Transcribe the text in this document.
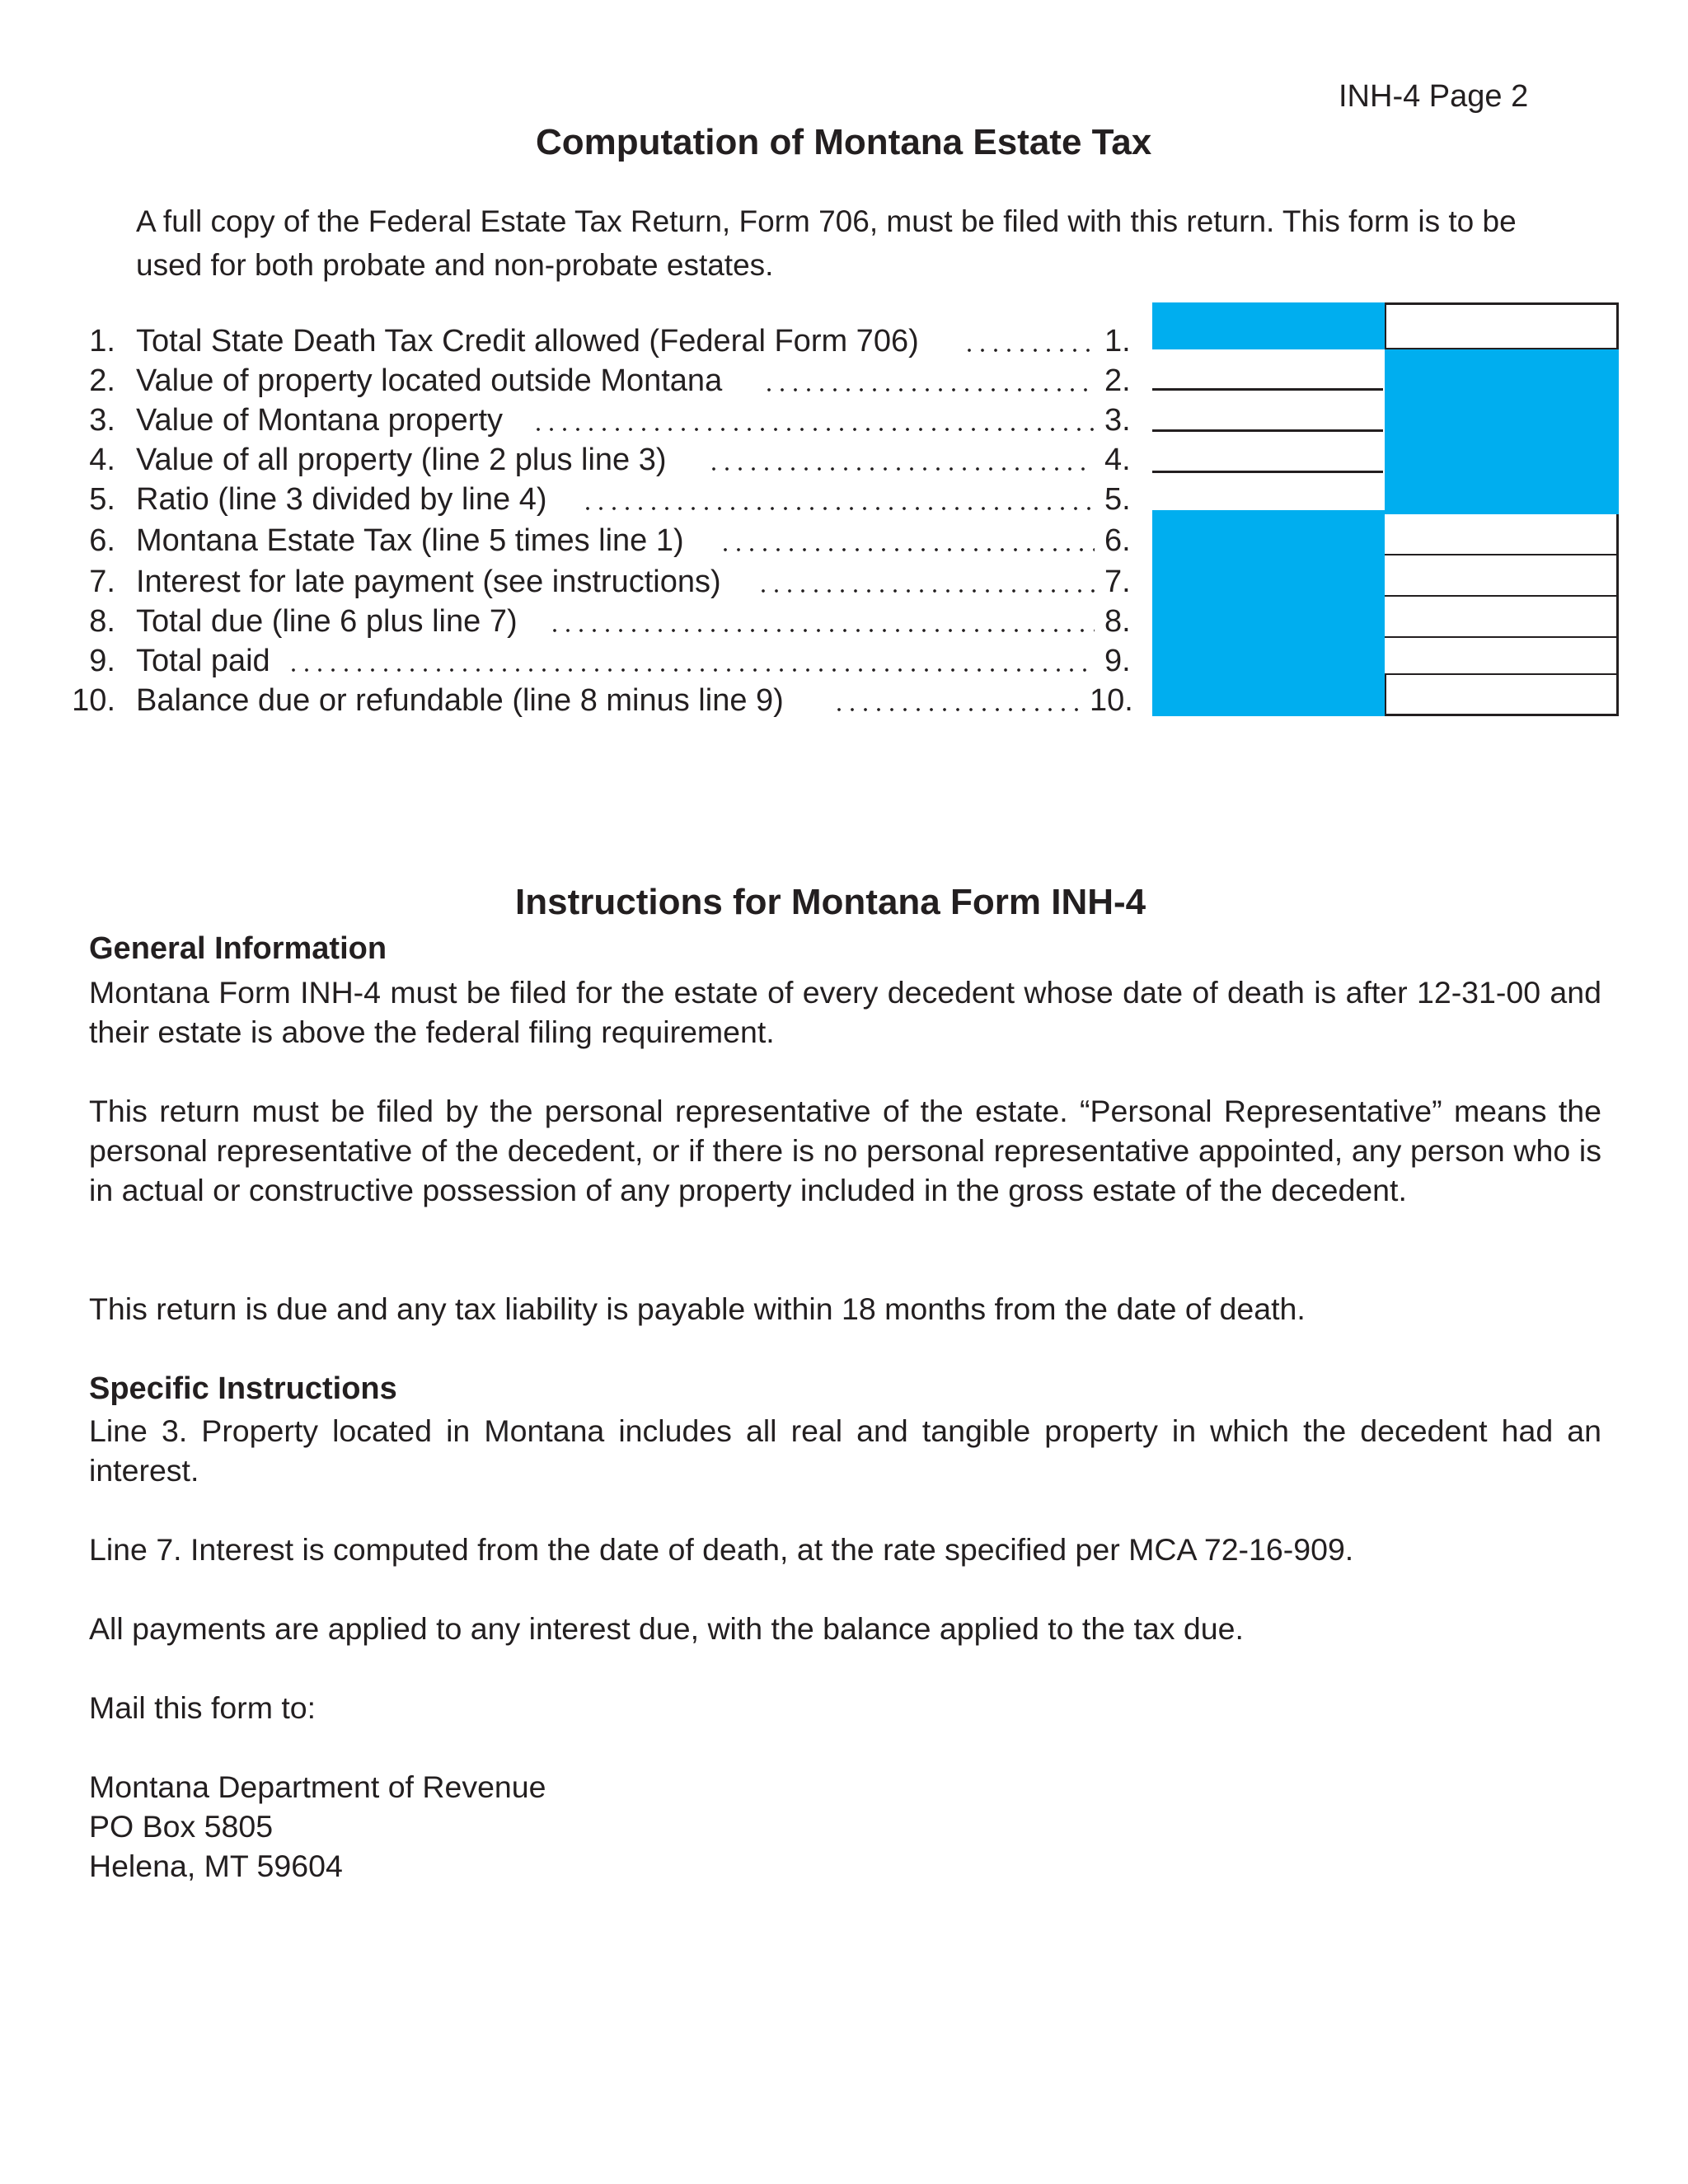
INH-4 Page 2
Computation of Montana Estate Tax
A full copy of the Federal Estate Tax Return, Form 706, must be filed with this return. This form is to be used for both probate and non-probate estates.
1. Total State Death Tax Credit allowed (Federal Form 706)	1.
2. Value of property located outside Montana	2.
3. Value of Montana property	3.
4. Value of all property (line 2 plus line 3)	4.
5. Ratio (line 3 divided by line 4)	5.
6. Montana Estate Tax (line 5 times line 1)	6.
7. Interest for late payment (see instructions)	7.
8. Total due (line 6 plus line 7)	8.
9. Total paid	9.
10. Balance due or refundable (line 8 minus line 9)	10.
Instructions for Montana Form INH-4
General Information
Montana Form INH-4 must be filed for the estate of every decedent whose date of death is after 12-31-00 and their estate is above the federal filing requirement.
This return must be filed by the personal representative of the estate. “Personal Representative” means the personal representative of the decedent, or if there is no personal representative appointed, any person who is in actual or constructive possession of any property included in the gross estate of the decedent.
This return is due and any tax liability is payable within 18 months from the date of death.
Specific Instructions
Line 3. Property located in Montana includes all real and tangible property in which the decedent had an interest.
Line 7. Interest is computed from the date of death, at the rate specified per MCA 72-16-909.
All payments are applied to any interest due, with the balance applied to the tax due.
Mail this form to:
Montana Department of Revenue
PO Box 5805
Helena, MT 59604
